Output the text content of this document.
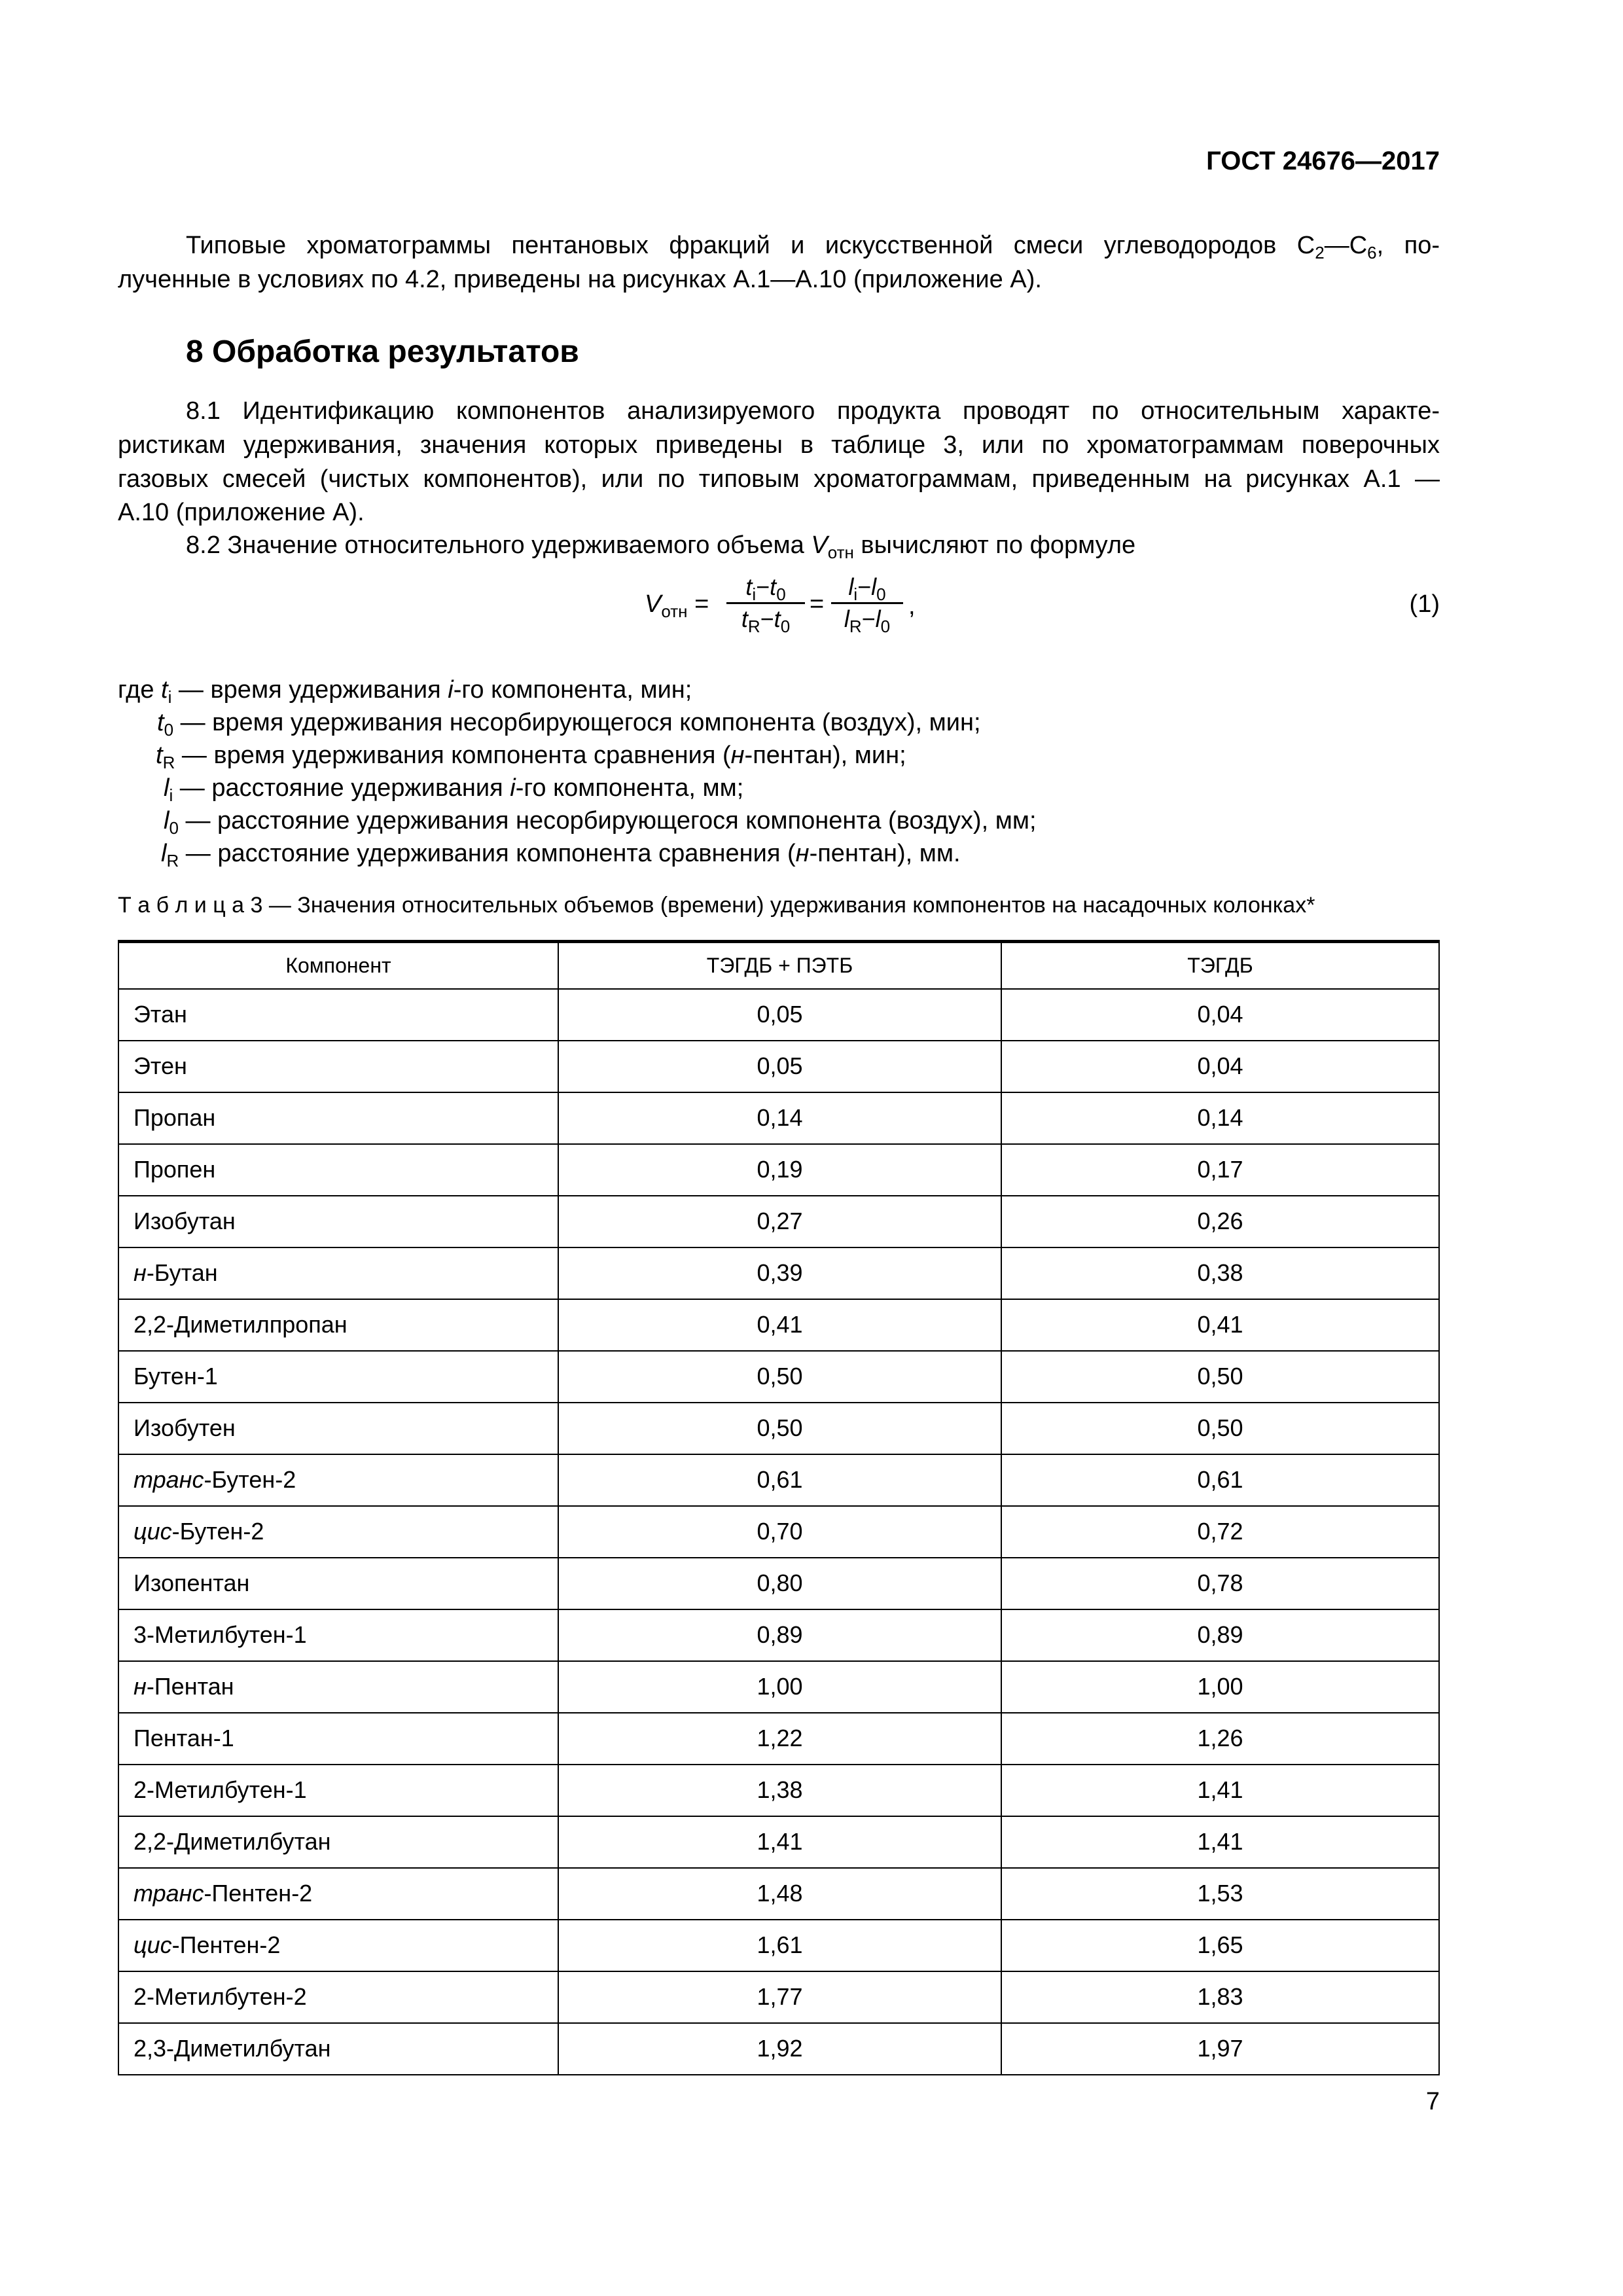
ГОСТ 24676—2017
Типовые хроматограммы пентановых фракций и искусственной смеси углеводородов $С_2—С_6$, по-
лученные в условиях по 4.2, приведены на рисунках А.1—А.10 (приложение А).
8 Обработка результатов
8.1 Идентификацию компонентов анализируемого продукта проводят по относительным характе-
ристикам удерживания, значения которых приведены в таблице 3, или по хроматограммам поверочных
газовых смесей (чистых компонентов), или по типовым хроматограммам, приведенным на рисунках А.1 —
А.10 (приложение А).
8.2 Значение относительного удерживаемого объема $V_{отн}$ вычисляют по формуле
$V_{отн} = \frac{t_i-t_0}{t_R-t_0} = \frac{l_i-l_0}{l_R-l_0}$ ,	(1)
где $t_i$ — время удерживания i-го компонента, мин;
$t_0$ — время удерживания несорбирующегося компонента (воздух), мин;
$t_R$ — время удерживания компонента сравнения (н-пентан), мин;
$l_i$ — расстояние удерживания i-го компонента, мм;
$l_0$ — расстояние удерживания несорбирующегося компонента (воздух), мм;
$l_R$ — расстояние удерживания компонента сравнения (н-пентан), мм.
Т а б л и ц а 3 — Значения относительных объемов (времени) удерживания компонентов на насадочных колонках*
Компонент	ТЭГДБ + ПЭТБ	ТЭГДБ
Этан	0,05	0,04
Этен	0,05	0,04
Пропан	0,14	0,14
Пропен	0,19	0,17
Изобутан	0,27	0,26
н-Бутан	0,39	0,38
2,2-Диметилпропан	0,41	0,41
Бутен-1	0,50	0,50
Изобутен	0,50	0,50
транс-Бутен-2	0,61	0,61
цис-Бутен-2	0,70	0,72
Изопентан	0,80	0,78
3-Метилбутен-1	0,89	0,89
н-Пентан	1,00	1,00
Пентан-1	1,22	1,26
2-Метилбутен-1	1,38	1,41
2,2-Диметилбутан	1,41	1,41
транс-Пентен-2	1,48	1,53
цис-Пентен-2	1,61	1,65
2-Метилбутен-2	1,77	1,83
2,3-Диметилбутан	1,92	1,97
7
